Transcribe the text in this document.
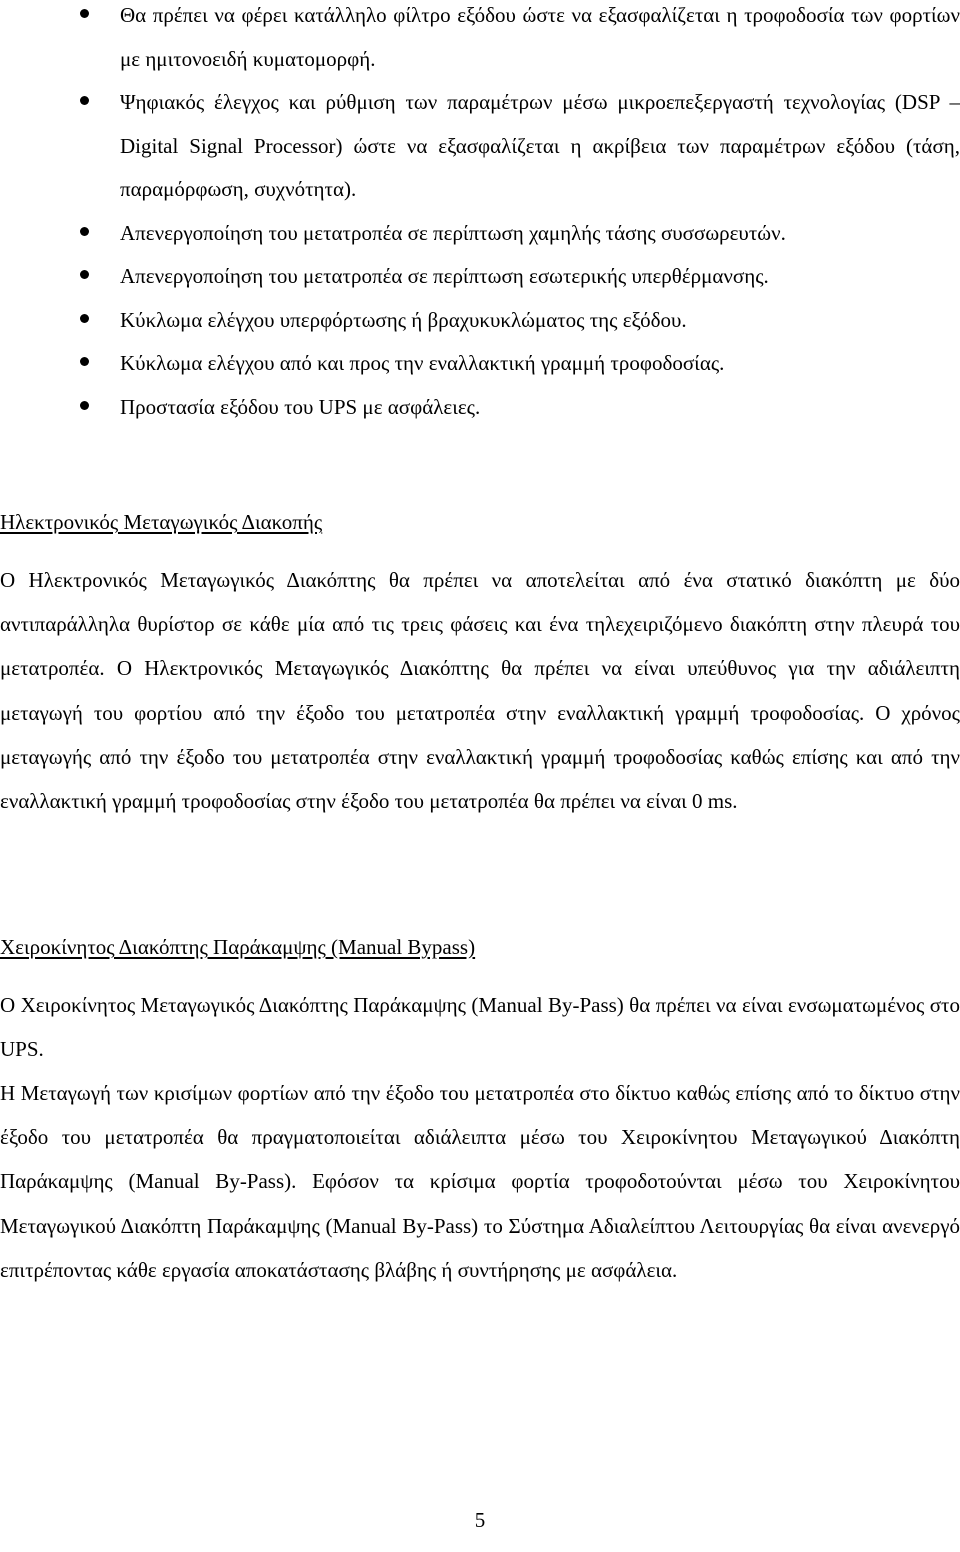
Θα πρέπει να φέρει κατάλληλο φίλτρο εξόδου ώστε να εξασφαλίζεται η τροφοδοσία των φορτίων με ημιτονοειδή κυματομορφή.
Ψηφιακός έλεγχος και ρύθμιση των παραμέτρων μέσω μικροεπεξεργαστή τεχνολογίας (DSP –Digital Signal Processor) ώστε να εξασφαλίζεται η ακρίβεια των παραμέτρων εξόδου (τάση, παραμόρφωση, συχνότητα).
Απενεργοποίηση του μετατροπέα σε περίπτωση χαμηλής τάσης συσσωρευτών.
Απενεργοποίηση του μετατροπέα σε περίπτωση εσωτερικής υπερθέρμανσης.
Κύκλωμα ελέγχου υπερφόρτωσης ή βραχυκυκλώματος της εξόδου.
Κύκλωμα ελέγχου από και προς την εναλλακτική γραμμή τροφοδοσίας.
Προστασία εξόδου του UPS με ασφάλειες.
Ηλεκτρονικός Μεταγωγικός Διακοπής

Ο Ηλεκτρονικός Μεταγωγικός Διακόπτης θα πρέπει να αποτελείται από ένα στατικό διακόπτη με δύο αντιπαράλληλα θυρίστορ σε κάθε μία από τις τρεις φάσεις και ένα τηλεχειριζόμενο διακόπτη στην πλευρά του μετατροπέα. Ο Ηλεκτρονικός Μεταγωγικός Διακόπτης θα πρέπει να είναι υπεύθυνος για την αδιάλειπτη μεταγωγή του φορτίου από την έξοδο του μετατροπέα στην εναλλακτική γραμμή τροφοδοσίας. Ο χρόνος μεταγωγής από την έξοδο του μετατροπέα στην εναλλακτική γραμμή τροφοδοσίας καθώς επίσης και από την εναλλακτική γραμμή τροφοδοσίας στην έξοδο του μετατροπέα θα πρέπει να είναι 0 ms.

Χειροκίνητος Διακόπτης Παράκαμψης (Manual Bypass)

Ο Χειροκίνητος Μεταγωγικός Διακόπτης Παράκαμψης (Manual By-Pass) θα πρέπει να είναι ενσωματωμένος στο UPS.

Η Μεταγωγή των κρισίμων φορτίων από την έξοδο του μετατροπέα στο δίκτυο καθώς επίσης από το δίκτυο στην έξοδο του μετατροπέα θα πραγματοποιείται αδιάλειπτα μέσω του Χειροκίνητου Μεταγωγικού Διακόπτη Παράκαμψης (Manual By-Pass). Εφόσον τα κρίσιμα φορτία τροφοδοτούνται μέσω του Χειροκίνητου Μεταγωγικού Διακόπτη Παράκαμψης (Manual By-Pass) το Σύστημα Αδιαλείπτου Λειτουργίας θα είναι ανενεργό επιτρέποντας κάθε εργασία αποκατάστασης βλάβης ή συντήρησης με ασφάλεια.

5
